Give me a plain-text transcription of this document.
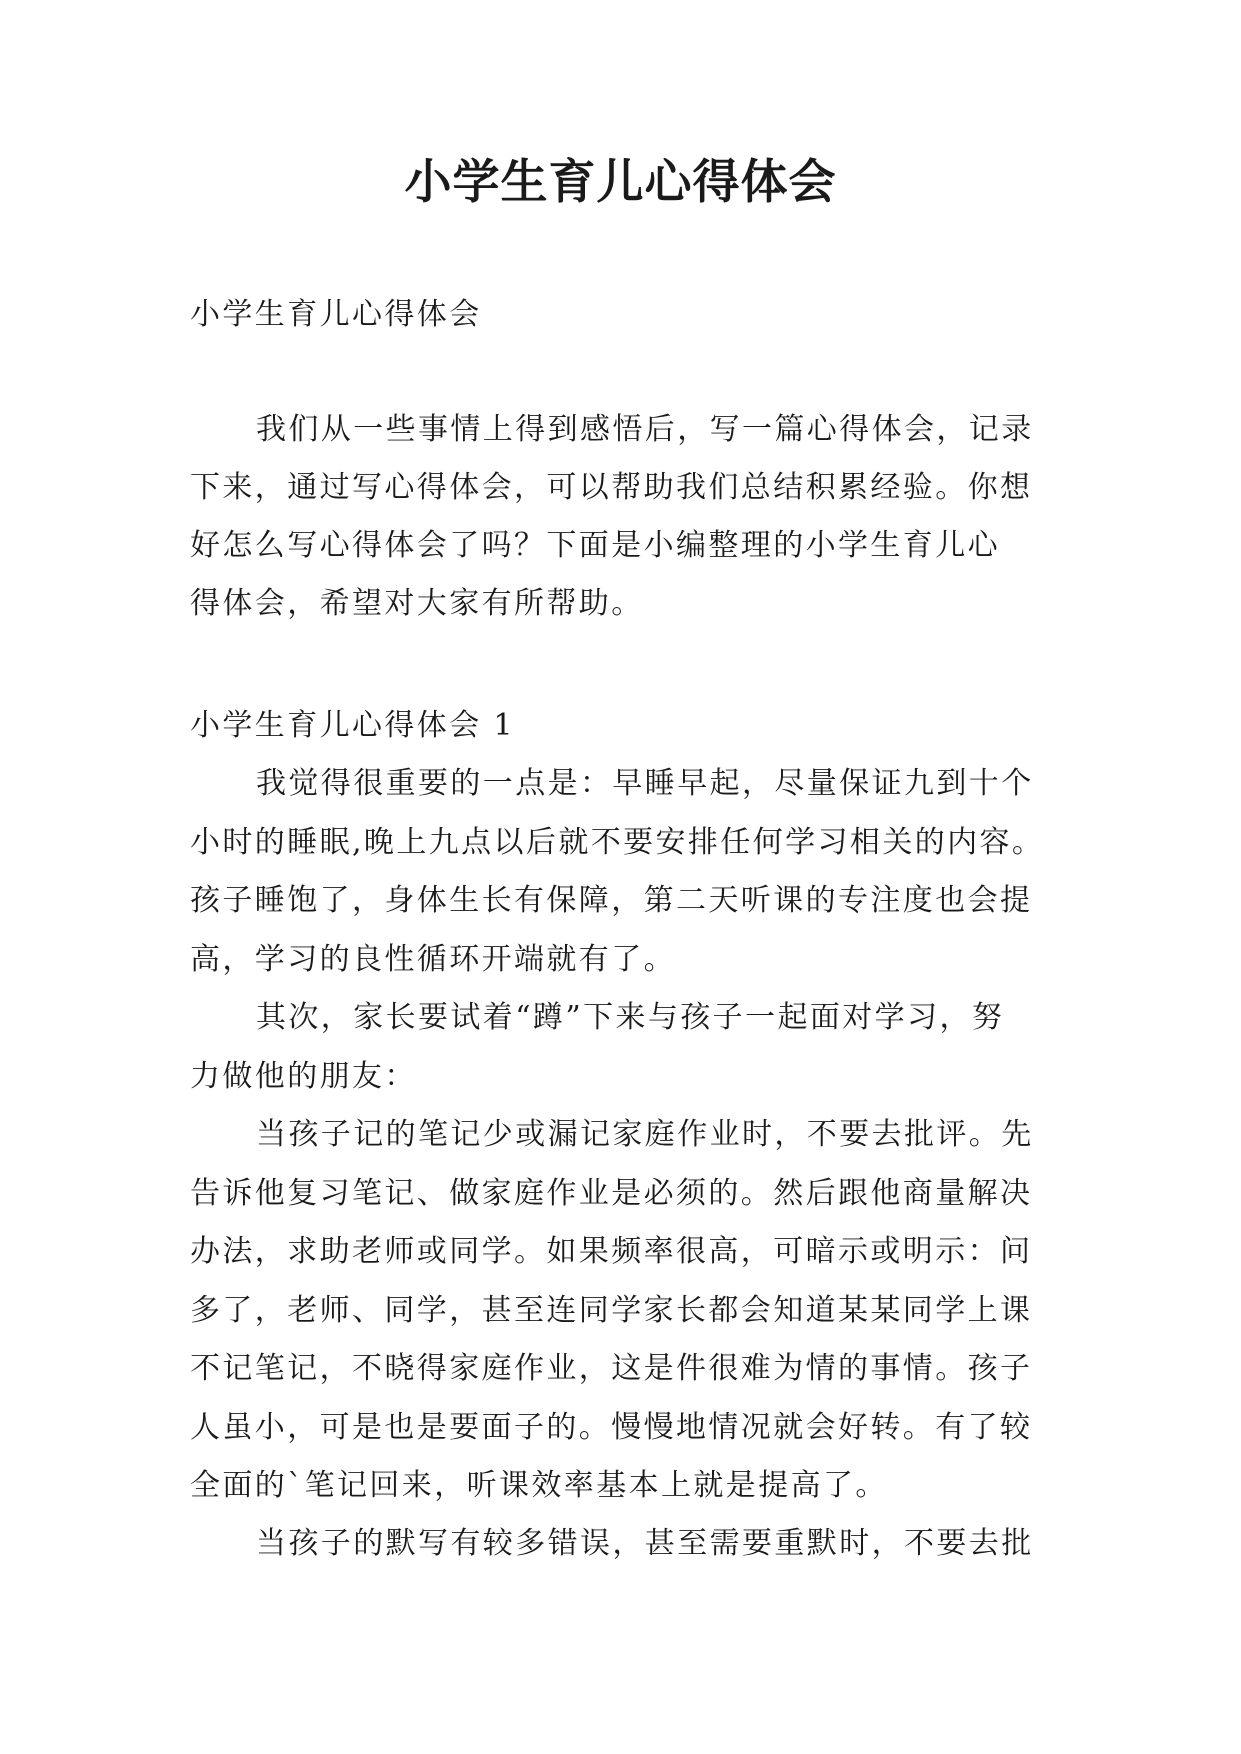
小学生育儿心得体会
小学生育儿心得体会
我们从一些事情上得到感悟后，写一篇心得体会，记录
下来，通过写心得体会，可以帮助我们总结积累经验。你想
好怎么写心得体会了吗？下面是小编整理的小学生育儿心
得体会，希望对大家有所帮助。
小学生育儿心得体会 1
我觉得很重要的一点是：早睡早起，尽量保证九到十个
小时的睡眠,晚上九点以后就不要安排任何学习相关的内容。
孩子睡饱了，身体生长有保障，第二天听课的专注度也会提
高，学习的良性循环开端就有了。
其次，家长要试着“蹲”下来与孩子一起面对学习，努
力做他的朋友：
当孩子记的笔记少或漏记家庭作业时，不要去批评。先
告诉他复习笔记、做家庭作业是必须的。然后跟他商量解决
办法，求助老师或同学。如果频率很高，可暗示或明示：问
多了，老师、同学，甚至连同学家长都会知道某某同学上课
不记笔记，不晓得家庭作业，这是件很难为情的事情。孩子
人虽小，可是也是要面子的。慢慢地情况就会好转。有了较
全面的`笔记回来，听课效率基本上就是提高了。
当孩子的默写有较多错误，甚至需要重默时，不要去批
